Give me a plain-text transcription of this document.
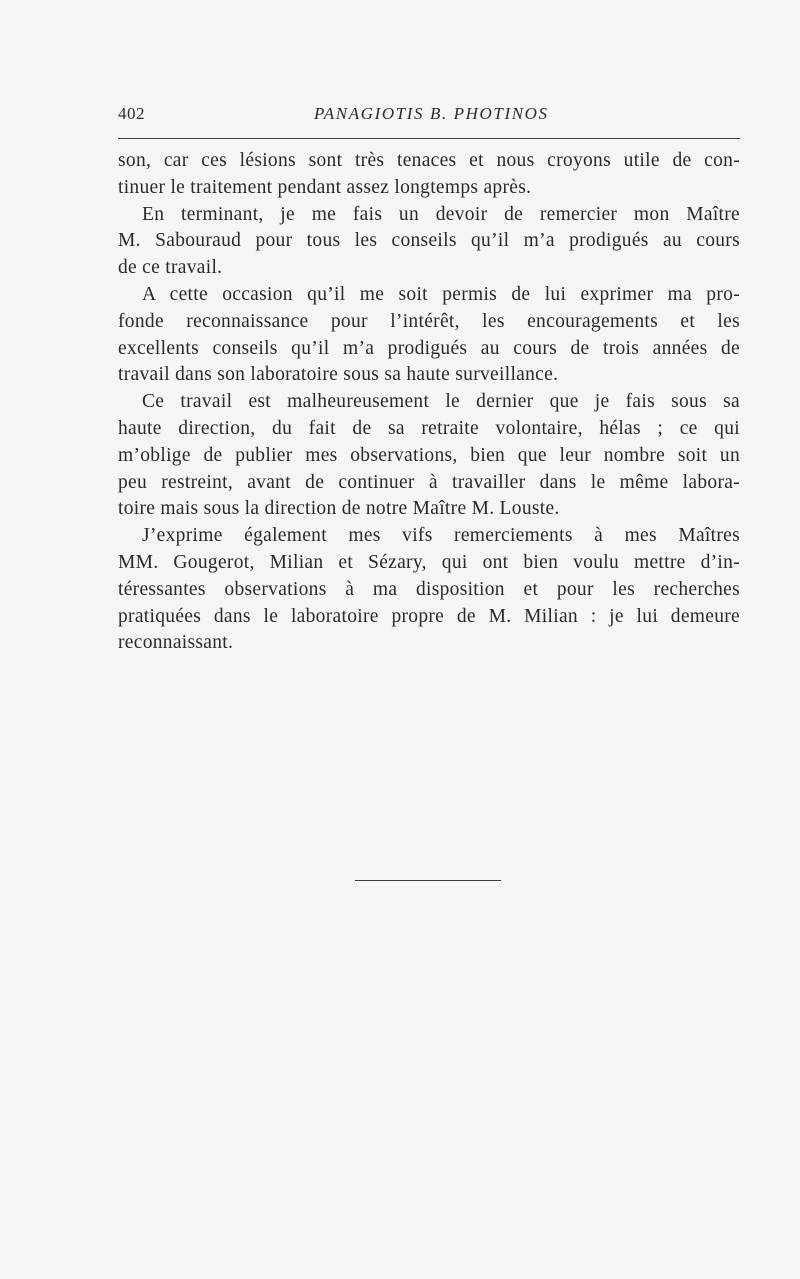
402	PANAGIOTIS B. PHOTINOS
son, car ces lésions sont très tenaces et nous croyons utile de con-
tinuer le traitement pendant assez longtemps après.
En terminant, je me fais un devoir de remercier mon Maître
M. Sabouraud pour tous les conseils qu’il m’a prodigués au cours
de ce travail.
A cette occasion qu’il me soit permis de lui exprimer ma pro-
fonde reconnaissance pour l’intérêt, les encouragements et les
excellents conseils qu’il m’a prodigués au cours de trois années de
travail dans son laboratoire sous sa haute surveillance.
Ce travail est malheureusement le dernier que je fais sous sa
haute direction, du fait de sa retraite volontaire, hélas ; ce qui
m’oblige de publier mes observations, bien que leur nombre soit un
peu restreint, avant de continuer à travailler dans le même labora-
toire mais sous la direction de notre Maître M. Louste.
J’exprime également mes vifs remerciements à mes Maîtres
MM. Gougerot, Milian et Sézary, qui ont bien voulu mettre d’in-
téressantes observations à ma disposition et pour les recherches
pratiquées dans le laboratoire propre de M. Milian : je lui demeure
reconnaissant.
